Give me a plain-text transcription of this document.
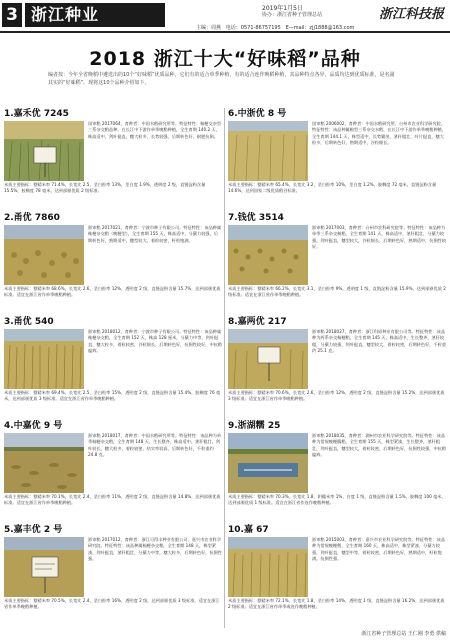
3 浙江种业	2019年1月5日
协办：浙江省种子管理总站	浙江科技报
主编：周燕 电话：0571-86757195 E—mail：zjj1888@163.com
2018 浙江十大“好味稻”品种
编者按：今年全省晚稻中遴选出的10个“好味稻”优质品种，它们有的适合单季种植，有的适合连作晚稻种植，其品种特点各异，品质均达到优质标准，是名副其实的“好味稻”。现将这10个品种介绍如下。
1.嘉禾优 7245
国审稻 2017064，育种者：中国水稻研究所等。特征特性：籼粳交杂型三系杂交稻品种。在长江中下游作单季晚稻种植，全生育期 140.2 天，株高适中，剑叶挺直，穗大粒多，长势较强，后期转色好，耐肥抗倒。
米质主要指标：整精米率 71.4%，长宽比 2.5，垩白粒率 13%，垩白度 1.9%，透明度 2 级，直链淀粉含量 15.5%，胶稠度 78 毫米，达到部颁优质 2 级标准。
2.甬优 7860
浙审稻 2017021，育种者：宁波市种子有限公司。特征特性：该品种属籼粳杂交稻（晚粳型），全生育期 155 天，株高适中，分蘖力较强，后期转色好，熟期适中，穗型较大，着粒较密，籽粒饱满。
米质主要指标：整精米率 68.6%，长宽比 2.6，垩白粒率 12%，透明度 2 级，直链淀粉含量 15.7%，达到部颁优质标准。适宜在浙江省作单季晚稻种植。
3.甬优 540
浙审稻 2018012，育种者：宁波市种子有限公司。特征特性：该品种属籼粳杂交稻，全生育期 152 天，株高 128 厘米，分蘖力中等，剑叶挺直，穗大粒多，着粒较密，谷粒细长，后期转色好，抗倒性较好，中抗稻瘟病。
米质主要指标：整精米率 69.4%，长宽比 2.5，垩白粒率 15%，透明度 2 级，直链淀粉含量 15.4%，胶稠度 76 毫米，达到部颁优质 3 级标准。适宜在浙江省作单季晚稻种植。
4.中嘉优 9 号
浙审稻 2018017，育种者：中国水稻研究所等。特征特性：该品种为单季籼粳杂交稻，全生育期 148 天，生长整齐，株高适中，茎秆粗壮，剑叶较长，穗大粒多，着粒较密，结实率较高，后期转色好，千粒重约 24.8 克。
米质主要指标：整精米率 70.1%，长宽比 2.4，垩白粒率 11%，透明度 2 级，直链淀粉含量 14.8%，达到部颁优质标准。适宜在浙江省作单季晚稻种植。
5.嘉丰优 2 号
浙审稻 2017012，育种者：浙江可得丰种业有限公司、嘉兴市农业科学研究院。特征特性：该品种属籼粳杂交稻，全生育期 148 天，株型紧凑，剑叶挺直，茎秆粗壮，分蘖力中等，穗大粒多，后期转色好，抗倒性强。
米质主要指标：整精米率 70.5%，长宽比 2.4，垩白粒率 16%，透明度 2 级，达到部颁优质 3 级标准。适宜在浙江省作单季晚稻种植。
6.中浙优 8 号
国审稻 2006002，育种者：中国水稻研究所、台州市农业科学研究院。特征特性：该品种属籼型三系杂交水稻，在长江中下游作单季晚稻种植，全生育期 144.1 天，株型适中，长势繁茂，茎秆粗壮，叶片挺直，穗大粒多，后期转色好，熟期适中，谷粒细长。
米质主要指标：整精米率 65.4%，长宽比 3.2，垩白粒率 10%，垩白度 1.2%，胶稠度 72 毫米，直链淀粉含量 14.6%，达到国家二级优质稻谷标准。
7.钱优 3514
浙审稻 2017003，育种者：台州市农科研究院等。特征特性：该品种为单季三系杂交籼稻，全生育期 141 天，株高适中，茎秆粗壮，分蘖力较强，剑叶挺直，穗型较大，谷粒细长，后期转色好，熟期适中，抗倒性较好。
米质主要指标：整精米率 66.2%，长宽比 3.1，垩白粒率 9%，透明度 1 级，直链淀粉含量 15.9%，达到部颁优质 2 级标准。适宜在浙江省作单季晚稻种植。
8.嘉两优 217
浙审稻 2018027，育种者：浙江科原种业有限公司等。特征特性：该品种为两系杂交籼粳稻，全生育期 145 天，株高适中，生长整齐，茎秆较粗，分蘖力较强，剑叶挺直，穗型较大，着粒较密，后期转色好，千粒重约 25.1 克。
米质主要指标：整精米率 70.6%，长宽比 2.6，垩白粒率 12%，透明度 2 级，直链淀粉含量 15.2%，达到部颁优质 3 级标准。适宜在浙江省作单季晚稻种植。
9.浙湖糯 25
浙审稻 2018035，育种者：湖州市农业科学研究院等。特征特性：该品种为常规晚粳糯稻，全生育期 155 天，株型紧凑，生长整齐，茎秆粗壮，剑叶挺直，穗型较大，着粒较密，后期转色好，抗倒性较强，中抗稻瘟病。
米质主要指标：整精米率 70.3%，长宽比 1.8，阴糯米率 1%，白度 1 级，直链淀粉含量 1.5%，胶稠度 100 毫米，达到部颁优质 1 级标准。适宜在浙江省作连作晚稻种植。
10.嘉 67
浙审稻 2015003，育种者：嘉兴市农业科学研究院等。特征特性：该品种为常规晚粳稻，全生育期 160 天，株高适中，株型紧凑，分蘖力较强，剑叶挺直，穗型中等，着粒较密，后期转色好，熟期适中，籽粒饱满，抗倒性强。
米质主要指标：整精米率 72.1%，长宽比 1.8，垩白粒率 14%，透明度 1 级，直链淀粉含量 16.2%，达到部颁优质 2 级标准。适宜在浙江省作单季或连作晚稻种植。
浙江省种子管理总站 王仁刚 李勇 供稿
